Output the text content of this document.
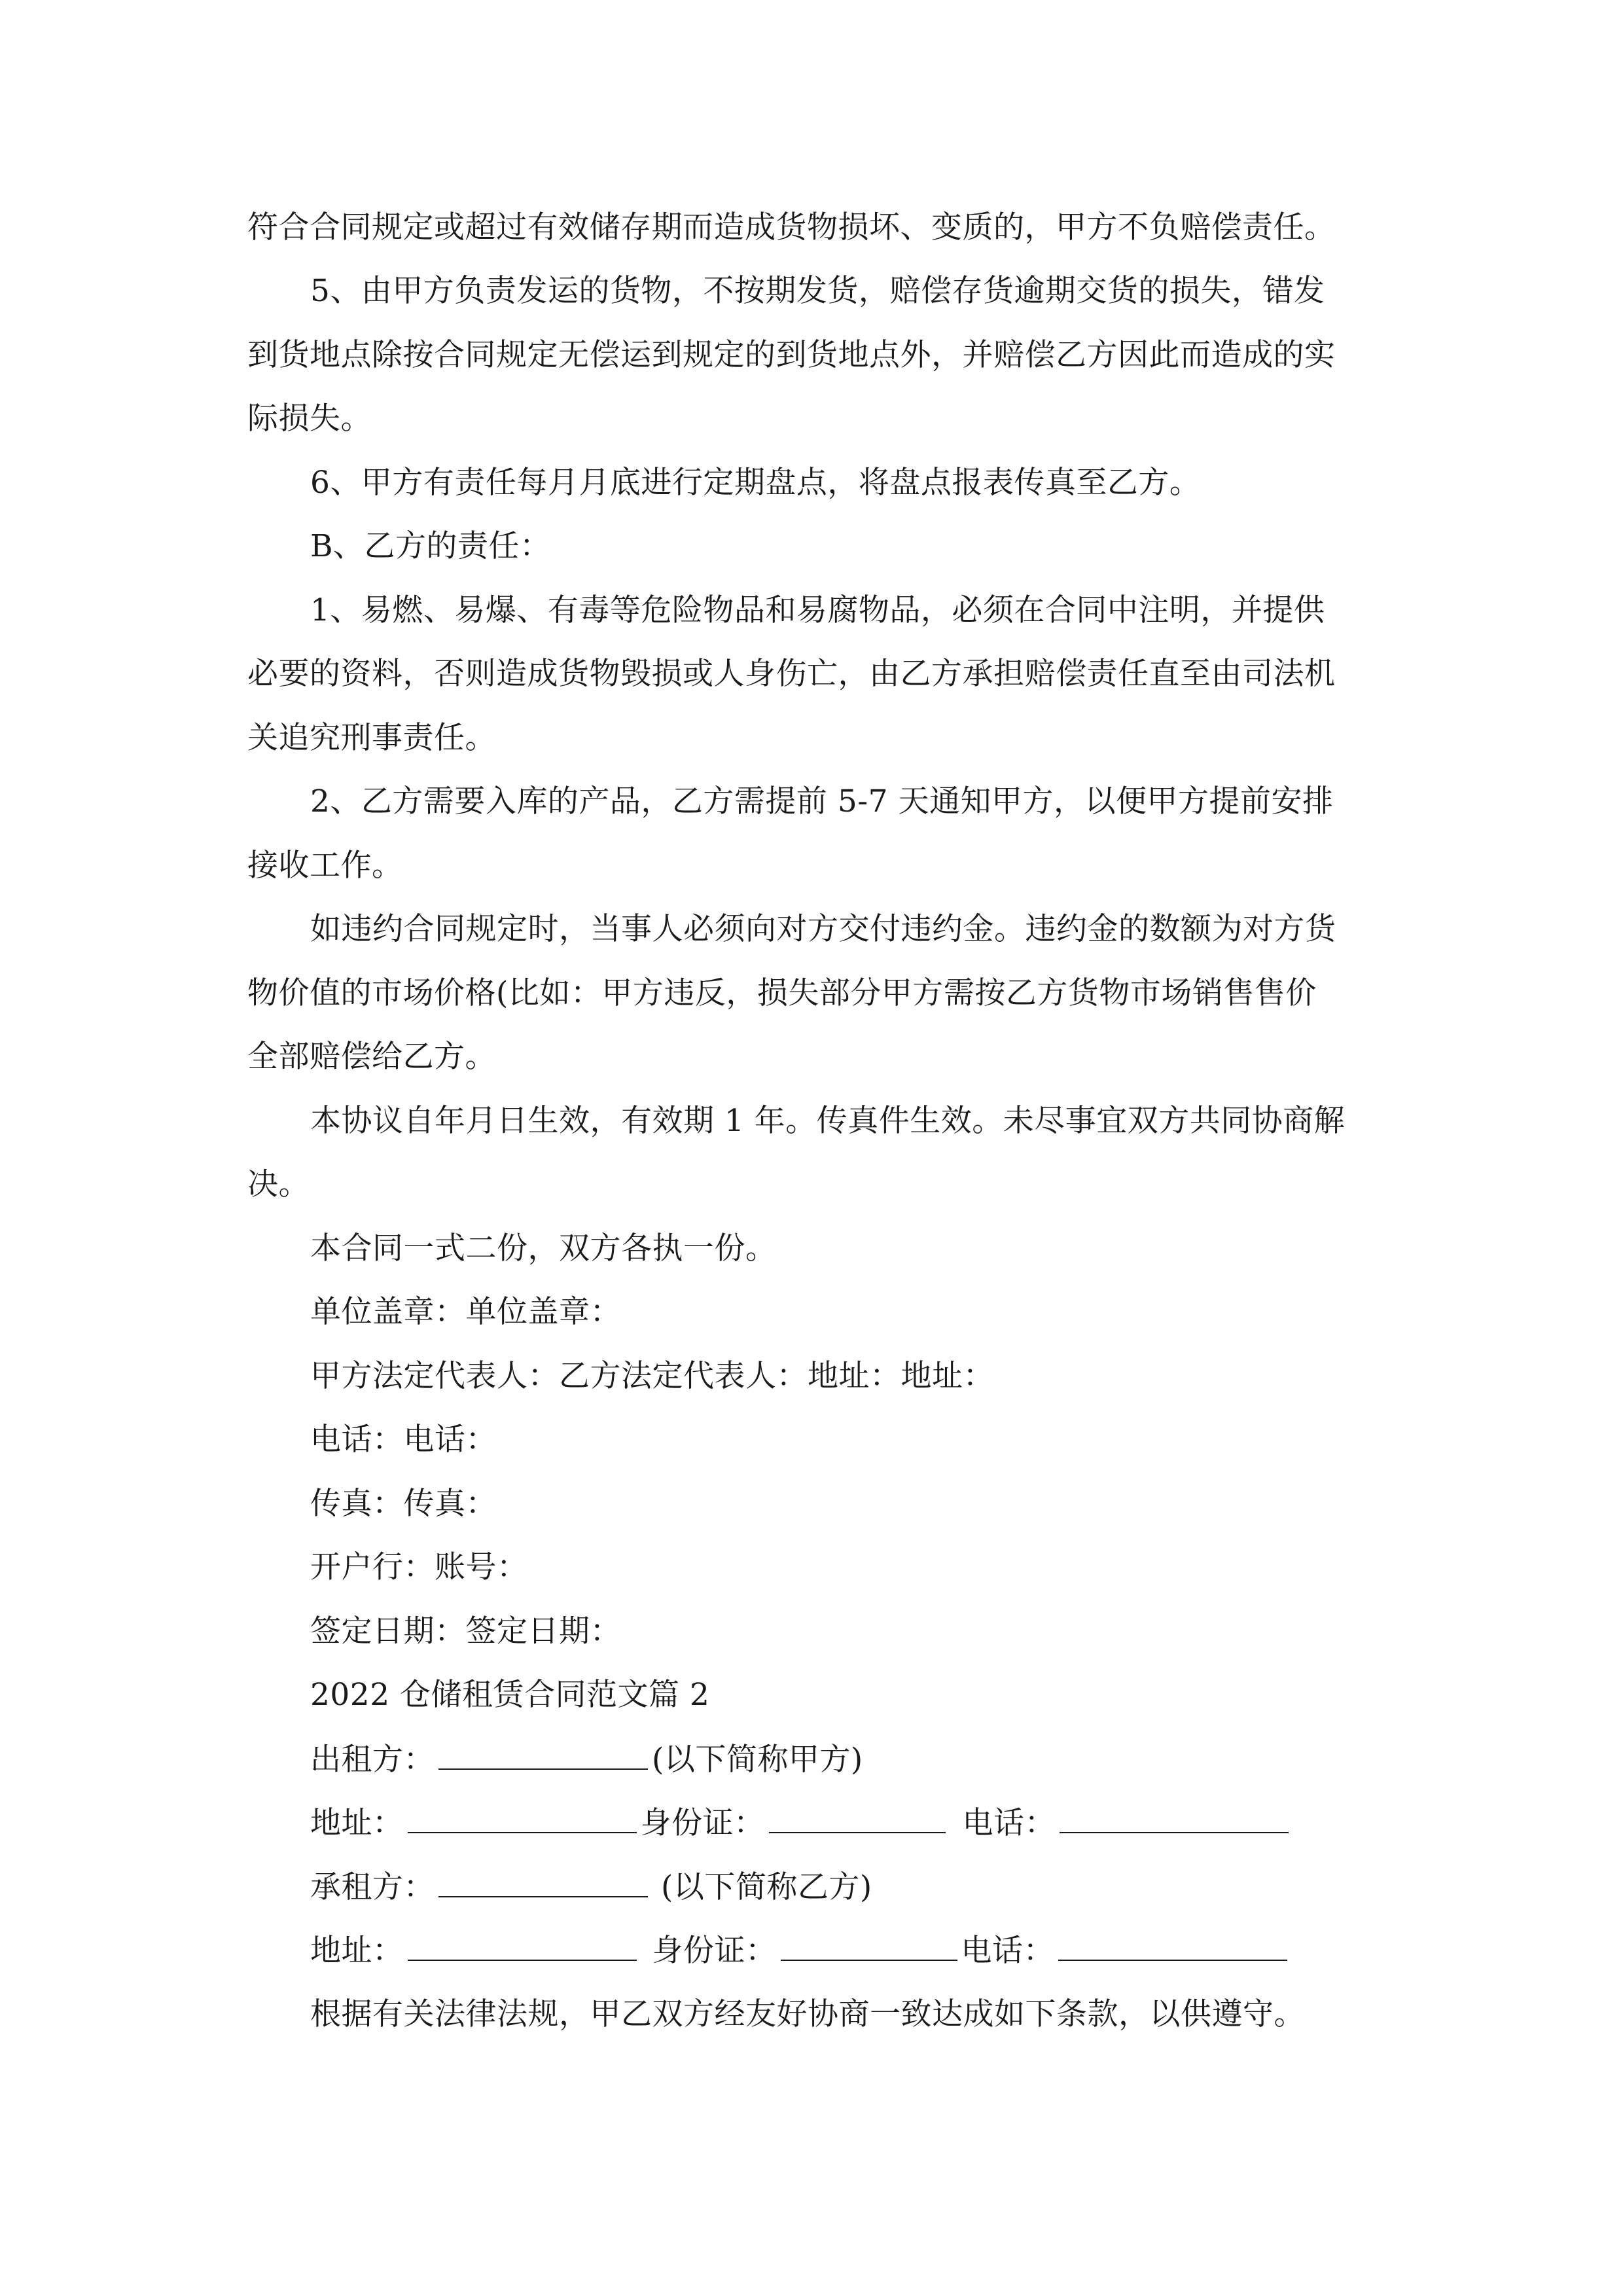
符合合同规定或超过有效储存期而造成货物损坏、变质的，甲方不负赔偿责任。
5、由甲方负责发运的货物，不按期发货，赔偿存货逾期交货的损失，错发
到货地点除按合同规定无偿运到规定的到货地点外，并赔偿乙方因此而造成的实
际损失。
6、甲方有责任每月月底进行定期盘点，将盘点报表传真至乙方。
B、乙方的责任：
1、易燃、易爆、有毒等危险物品和易腐物品，必须在合同中注明，并提供
必要的资料，否则造成货物毁损或人身伤亡，由乙方承担赔偿责任直至由司法机
关追究刑事责任。
2、乙方需要入库的产品，乙方需提前 5-7 天通知甲方，以便甲方提前安排
接收工作。
如违约合同规定时，当事人必须向对方交付违约金。违约金的数额为对方货
物价值的市场价格(比如：甲方违反，损失部分甲方需按乙方货物市场销售售价
全部赔偿给乙方。
本协议自年月日生效，有效期 1 年。传真件生效。未尽事宜双方共同协商解
决。
本合同一式二份，双方各执一份。
单位盖章：单位盖章：
甲方法定代表人：乙方法定代表人：地址：地址：
电话：电话：
传真：传真：
开户行：账号：
签定日期：签定日期：
2022 仓储租赁合同范文篇 2
出租方：	(以下简称甲方)
地址：	身份证：	电话：
承租方：	(以下简称乙方)
地址：	身份证：	电话：
根据有关法律法规，甲乙双方经友好协商一致达成如下条款，以供遵守。
